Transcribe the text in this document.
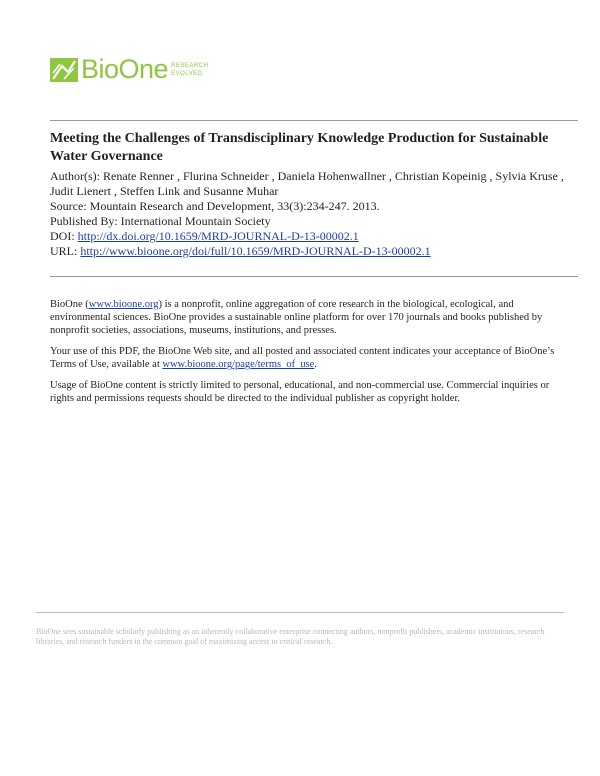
BioOne RESEARCH
EVOLVED
Meeting the Challenges of Transdisciplinary Knowledge Production for Sustainable Water Governance
Author(s): Renate Renner , Flurina Schneider , Daniela Hohenwallner , Christian Kopeinig , Sylvia Kruse , Judit Lienert , Steffen Link and Susanne Muhar
Source: Mountain Research and Development, 33(3):234-247. 2013.
Published By: International Mountain Society
DOI: http://dx.doi.org/10.1659/MRD-JOURNAL-D-13-00002.1
URL: http://www.bioone.org/doi/full/10.1659/MRD-JOURNAL-D-13-00002.1

BioOne (www.bioone.org) is a nonprofit, online aggregation of core research in the biological, ecological, and environmental sciences. BioOne provides a sustainable online platform for over 170 journals and books published by nonprofit societies, associations, museums, institutions, and presses.

Your use of this PDF, the BioOne Web site, and all posted and associated content indicates your acceptance of BioOne’s Terms of Use, available at www.bioone.org/page/terms_of_use.

Usage of BioOne content is strictly limited to personal, educational, and non-commercial use. Commercial inquiries or rights and permissions requests should be directed to the individual publisher as copyright holder.

BioOne sees sustainable scholarly publishing as an inherently collaborative enterprise connecting authors, nonprofit publishers, academic institutions, research libraries, and research funders in the common goal of maximizing access to critical research.
